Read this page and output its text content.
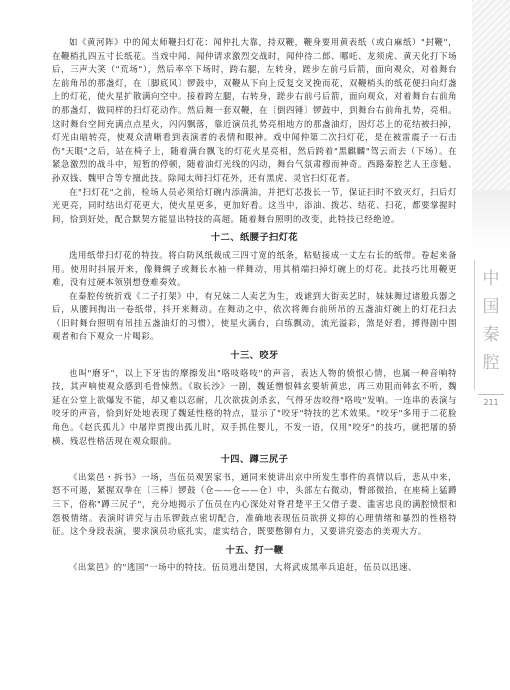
中
国
秦
腔
211

如《黄河阵》中的闻太师鞭扫灯花：闻仲扎大靠，持双鞭，鞭身要用黄表纸（或白麻纸）"封鞭"，在鞭梢扎四五寸长纸花。当戏中闻、闻仲请求激烈交战时，闻仲待二郎、哪吒、龙须虎、黄天化打下场后，三声大笑（"荒场"），然后率卒下场时，跨右腿，左转身，蹉步左前弓后箭，面向观众，对着舞台左前角吊的那盏灯，在〔脚底风〕锣鼓中，双鞭从下向上反复交叉挽而花，双鞭梢头的纸花便扫向灯盏上的灯花，使火星扩散满向空中。接着跨左腿，右转身，蹉步右前弓后箭，面向观众，对着舞台右前角的那盏灯，做同样的扫灯花动作。然后舞一套双鞭，在〔倒四锤〕锣鼓中，到舞台右前角扎势，亮相。这时舞台空间充满点点星火，闪闪飘落，靠近演员扎势亮相地方的那盏油灯，因灯芯上的花结被扫掉，灯光由暗转亮，使观众清晰看到表演者的表情和眼神。戏中闻仲第二次扫灯花，是在被雷震子一石击伤"天眼"之后，站在椅子上，随着满台飘飞的灯花火星亮相，然后跨着"黑麒麟"驾云而去（下场）。在紧急激烈的战斗中，短暂的停顿，随着油灯光线的闪动，舞台气氛肃穆而神奇。西路秦腔艺人王彦魁、孙双钱、魏甲合等专擅此技。除闻太师扫灯花外，还有黑虎、灵官扫灯花者。

在"扫灯花"之前，检场人员必须给灯碗内添满油，并把灯芯拨长一节，保证扫时不致灭灯，扫后灯光更亮，同时结出灯花更大，使火星更多，更加好看。这当中，添油、拨芯、结花、扫花，都要掌握时间，恰到好处，配合默契方能显出特技的高超。随着舞台照明的改变，此特技已经绝迹。

十二、纸腰子扫灯花

选用纸带扫灯花的特技。将白防风纸裁成三四寸宽的纸条，粘贴接成一丈左右长的纸带。卷起来备用。使用时抖展开来，像舞绸子或舞长水袖一样舞动，用其梢端扫掉灯碗上的灯花。此技巧比用鞭更难，没有过硬本领别想登难奏效。

在秦腔传统折戏《二子打架》中，有兄妹二人卖艺为生，戏谑到大街卖艺时，妹妹舞过诸般兵器之后，从腰间掏出一卷纸带，抖开来舞动。在舞动之中，依次将舞台前所吊的五盏油灯碗上的灯花扫去（旧时舞台照明有吊挂五盏油灯的习惯），使星火满台，白练飘动，流光溢彩，煞是好看，搏得剧中围观者和台下观众一片喝彩。

十三、咬牙

也叫"磨牙"，以上下牙齿的摩擦发出"咯吱咯吱"的声音，表达人物的愤恨心情，也属一种音响特技，其声响使观众感到毛骨悚然。《取长沙》一剧，魏延憎恨韩玄要斩黄忠，再三劝阻而韩玄不听，魏延在公堂上欲爆发不能，却又难以忍耐，几次欲拔剑杀玄，气得牙齿咬得"咯吱"发响。一连串的表演与咬牙的声音，恰到好处地表现了魏延性格的特点，显示了"咬牙"特技的艺术效果。"咬牙"多用于二花脸角色。《赵氏孤儿》中屠岸贾搜出孤儿时，双手抓住婴儿，不发一语，仅用"咬牙"的技巧，就把屠的骄横、残忍性格活现在观众眼前。

十四、蹲三尻子

《出棠邑・拆书》一场，当伍员观罢家书，通同来使讲出京中所发生事件的真情以后，悲从中来，怒不可遏，紧握双拳在〔三棒〕锣鼓（仓——仓——仓）中，头部左右微动，臀部微抬，在座椅上猛蹲三下，俗称"蹲三尻子"，充分地揭示了伍员在内心深处对脊君楚平王父借子妻、滥害忠良的满腔愤恨和怨极情绪。表演时讲究与击乐锣鼓点密切配合，准确地表现伍员欲拼义抑的心理情绪和暴烈的性格特征。这个身段表演，要求演员功底扎实，虚实结合，既要憋铆有力，又要讲究姿态的美观大方。

十五、打一鞭

《出棠邑》的"逃国"一场中的特技。伍员逃出楚国，大将武成黑率兵追赶，伍员以迅速、
